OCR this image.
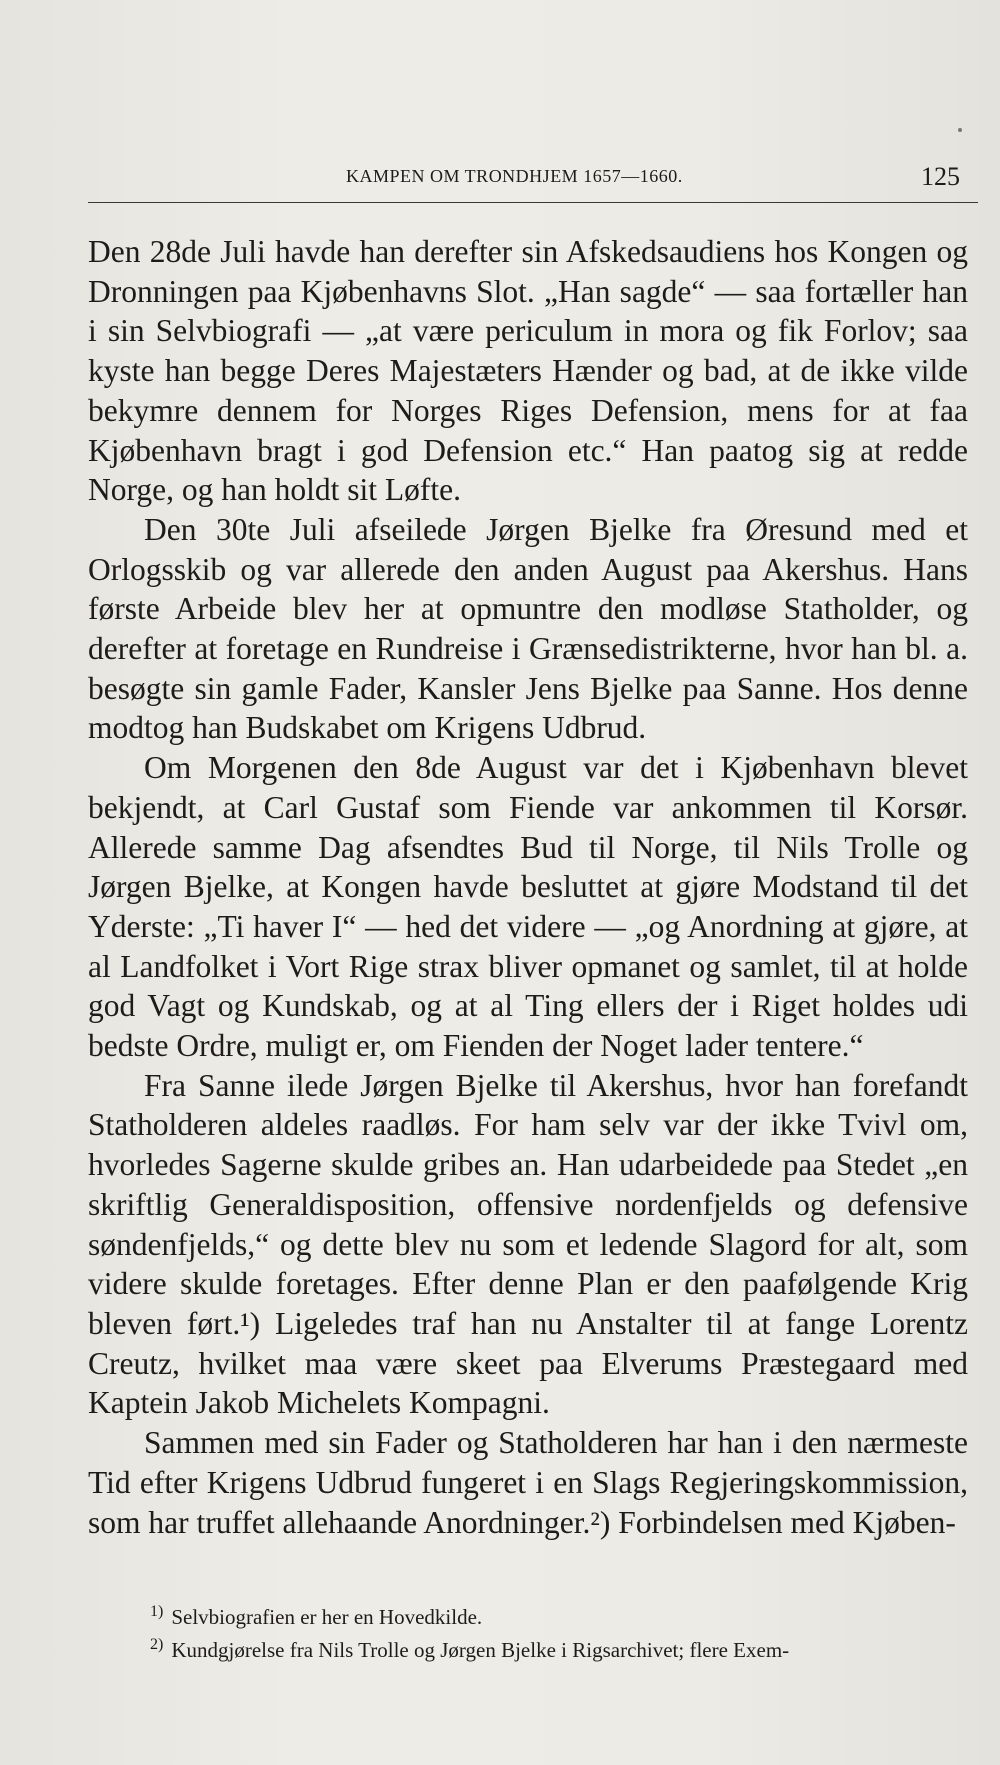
KAMPEN OM TRONDHJEM 1657—1660.	125

Den 28de Juli havde han derefter sin Afskedsaudiens hos Kongen og Dronningen paa Kjøbenhavns Slot. „Han sagde“ — saa fortæller han i sin Selvbiografi — „at være periculum in mora og fik Forlov; saa kyste han begge Deres Majestæters Hænder og bad, at de ikke vilde bekymre dennem for Norges Riges Defension, mens for at faa Kjøbenhavn bragt i god Defension etc.“ Han paatog sig at redde Norge, og han holdt sit Løfte.

Den 30te Juli afseilede Jørgen Bjelke fra Øresund med et Orlogsskib og var allerede den anden August paa Akershus. Hans første Arbeide blev her at opmuntre den modløse Statholder, og derefter at foretage en Rundreise i Grænsedistrikterne, hvor han bl. a. besøgte sin gamle Fader, Kansler Jens Bjelke paa Sanne. Hos denne modtog han Budskabet om Krigens Udbrud.

Om Morgenen den 8de August var det i Kjøbenhavn blevet bekjendt, at Carl Gustaf som Fiende var ankommen til Korsør. Allerede samme Dag afsendtes Bud til Norge, til Nils Trolle og Jørgen Bjelke, at Kongen havde besluttet at gjøre Modstand til det Yderste: „Ti haver I“ — hed det videre — „og Anordning at gjøre, at al Landfolket i Vort Rige strax bliver opmanet og samlet, til at holde god Vagt og Kundskab, og at al Ting ellers der i Riget holdes udi bedste Ordre, muligt er, om Fienden der Noget lader tentere.“

Fra Sanne ilede Jørgen Bjelke til Akershus, hvor han forefandt Statholderen aldeles raadløs. For ham selv var der ikke Tvivl om, hvorledes Sagerne skulde gribes an. Han udarbeidede paa Stedet „en skriftlig Generaldisposition, offensive nordenfjelds og defensive søndenfjelds,“ og dette blev nu som et ledende Slagord for alt, som videre skulde foretages. Efter denne Plan er den paafølgende Krig bleven ført.¹) Ligeledes traf han nu Anstalter til at fange Lorentz Creutz, hvilket maa være skeet paa Elverums Præstegaard med Kaptein Jakob Michelets Kompagni.

Sammen med sin Fader og Statholderen har han i den nærmeste Tid efter Krigens Udbrud fungeret i en Slags Regjeringskommission, som har truffet allehaande Anordninger.²) Forbindelsen med Kjøben-

$^{1)}$ Selvbiografien er her en Hovedkilde.

$^{2)}$ Kundgjørelse fra Nils Trolle og Jørgen Bjelke i Rigsarchivet; flere Exem-
